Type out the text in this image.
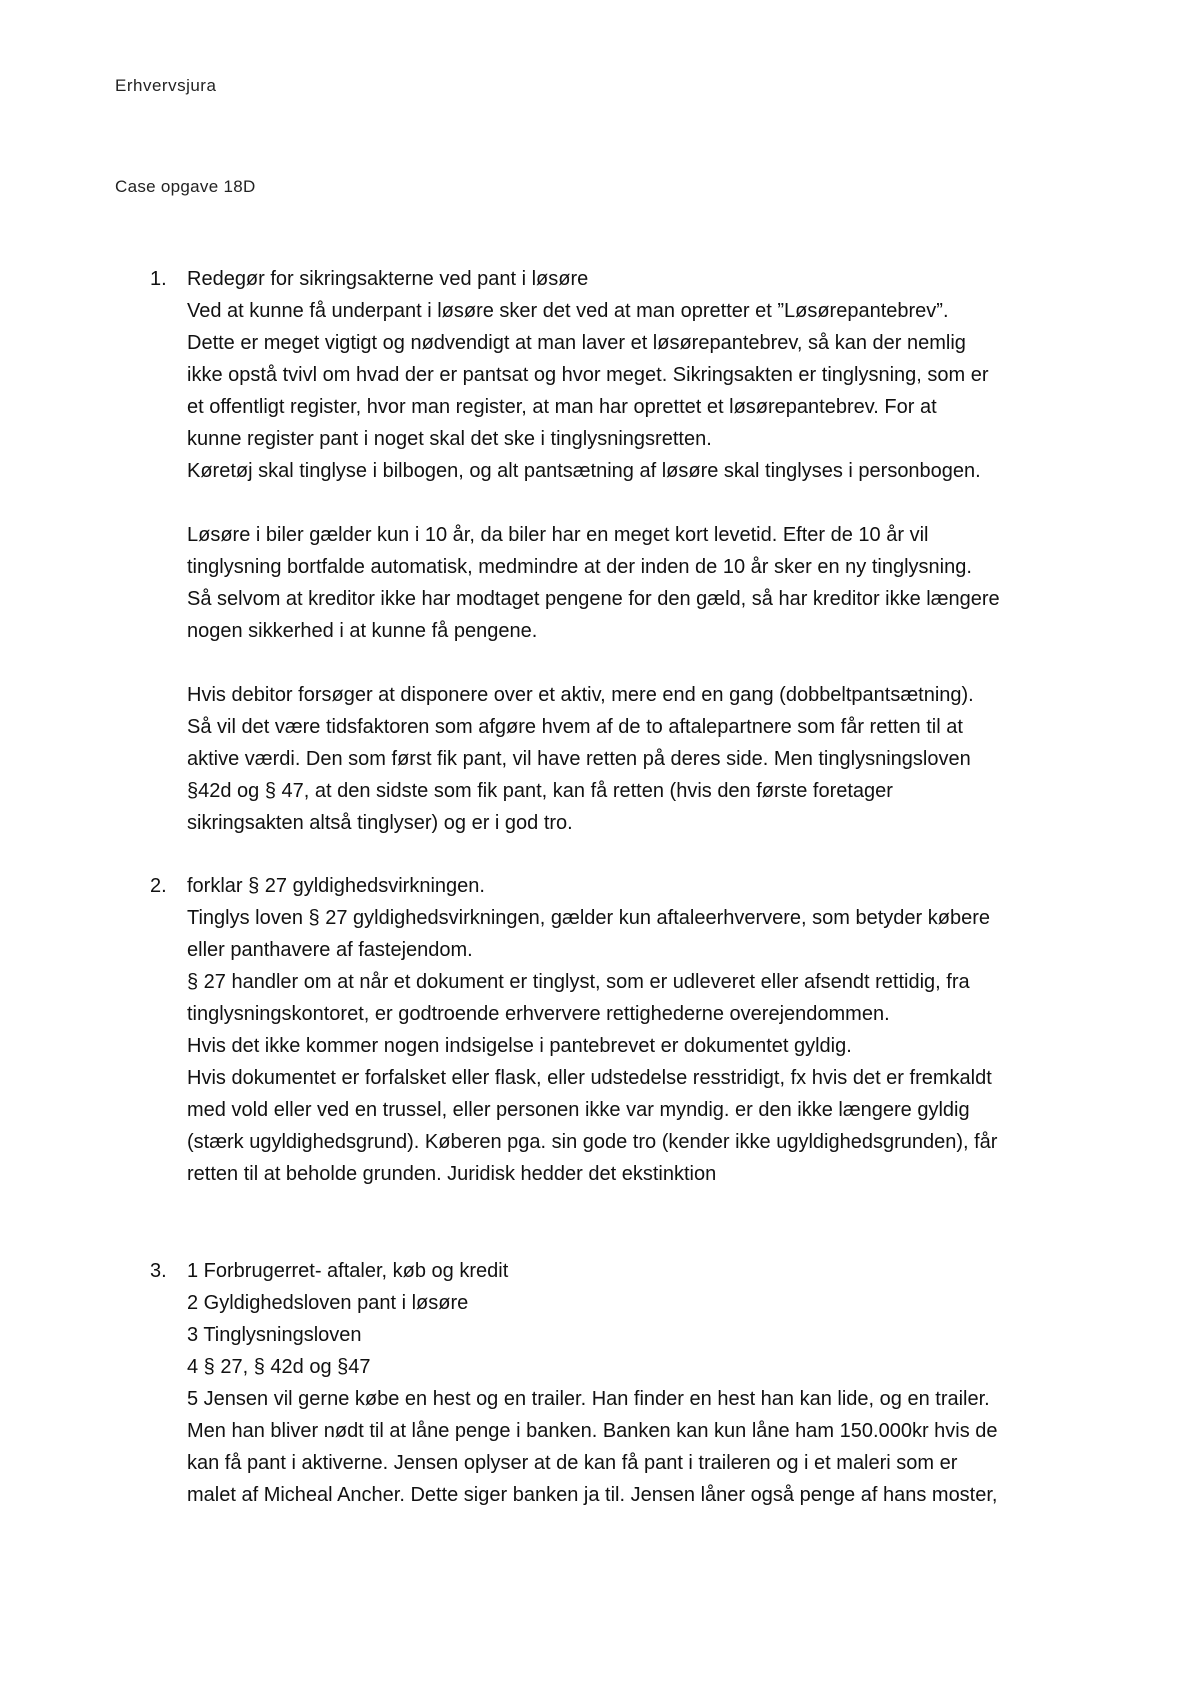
Erhvervsjura
Case opgave 18D
1. Redegør for sikringsakterne ved pant i løsøre
Ved at kunne få underpant i løsøre sker det ved at man opretter et ”Løsørepantebrev”.
Dette er meget vigtigt og nødvendigt at man laver et løsørepantebrev, så kan der nemlig
ikke opstå tvivl om hvad der er pantsat og hvor meget. Sikringsakten er tinglysning, som er
et offentligt register, hvor man register, at man har oprettet et løsørepantebrev. For at
kunne register pant i noget skal det ske i tinglysningsretten.
Køretøj skal tinglyse i bilbogen, og alt pantsætning af løsøre skal tinglyses i personbogen.
Løsøre i biler gælder kun i 10 år, da biler har en meget kort levetid. Efter de 10 år vil
tinglysning bortfalde automatisk, medmindre at der inden de 10 år sker en ny tinglysning.
Så selvom at kreditor ikke har modtaget pengene for den gæld, så har kreditor ikke længere
nogen sikkerhed i at kunne få pengene.
Hvis debitor forsøger at disponere over et aktiv, mere end en gang (dobbeltpantsætning).
Så vil det være tidsfaktoren som afgøre hvem af de to aftalepartnere som får retten til at
aktive værdi. Den som først fik pant, vil have retten på deres side. Men tinglysningsloven
§42d og § 47, at den sidste som fik pant, kan få retten (hvis den første foretager
sikringsakten altså tinglyser) og er i god tro.
2. forklar § 27 gyldighedsvirkningen.
Tinglys loven § 27 gyldighedsvirkningen, gælder kun aftaleerhververe, som betyder købere
eller panthavere af fastejendom.
§ 27 handler om at når et dokument er tinglyst, som er udleveret eller afsendt rettidig, fra
tinglysningskontoret, er godtroende erhververe rettighederne overejendommen.
Hvis det ikke kommer nogen indsigelse i pantebrevet er dokumentet gyldig.
Hvis dokumentet er forfalsket eller flask, eller udstedelse resstridigt, fx hvis det er fremkaldt
med vold eller ved en trussel, eller personen ikke var myndig. er den ikke længere gyldig
(stærk ugyldighedsgrund). Køberen pga. sin gode tro (kender ikke ugyldighedsgrunden), får
retten til at beholde grunden. Juridisk hedder det ekstinktion
3. 1 Forbrugerret- aftaler, køb og kredit
2 Gyldighedsloven pant i løsøre
3 Tinglysningsloven
4 § 27, § 42d og §47
5 Jensen vil gerne købe en hest og en trailer. Han finder en hest han kan lide, og en trailer.
Men han bliver nødt til at låne penge i banken. Banken kan kun låne ham 150.000kr hvis de
kan få pant i aktiverne. Jensen oplyser at de kan få pant i traileren og i et maleri som er
malet af Micheal Ancher. Dette siger banken ja til. Jensen låner også penge af hans moster,
